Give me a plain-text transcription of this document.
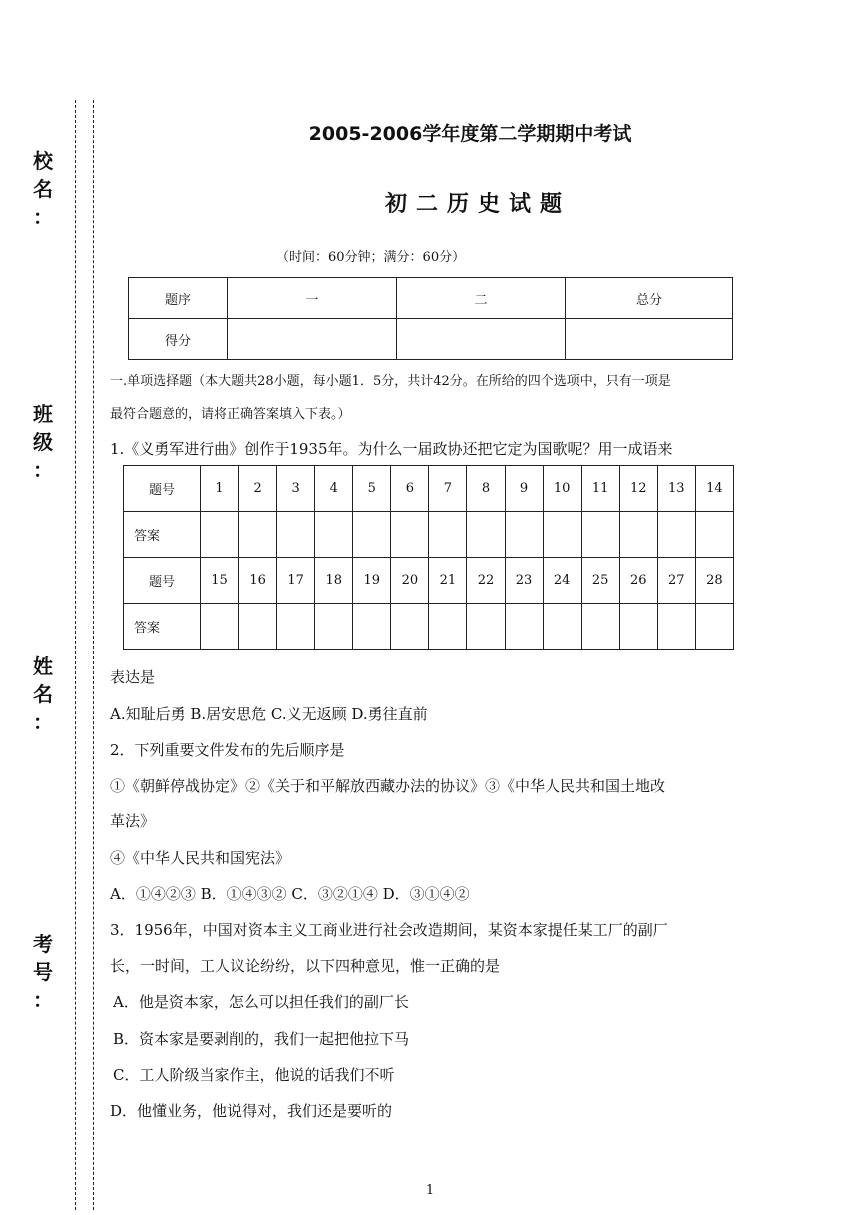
校
名
：
班
级
：
姓
名
：
考
号
：
2005-2006学年度第二学期期中考试
初二历史试题
（时间：60分钟；满分：60分）
题序	一	二	总分
得分			
一.单项选择题（本大题共28小题，每小题1．5分，共计42分。在所给的四个选项中，只有一项是
最符合题意的，请将正确答案填入下表。）
1.《义勇军进行曲》创作于1935年。为什么一届政协还把它定为国歌呢？用一成语来
题号	1	2	3	4	5	6	7	8	9	10	11	12	13	14
答案														
题号	15	16	17	18	19	20	21	22	23	24	25	26	27	28
答案														
表达是
A.知耻后勇 B.居安思危 C.义无返顾 D.勇往直前
2．下列重要文件发布的先后顺序是
①《朝鲜停战协定》②《关于和平解放西藏办法的协议》③《中华人民共和国土地改
革法》
④《中华人民共和国宪法》
A．①④②③ B．①④③② C．③②①④ D．③①④②
3．1956年，中国对资本主义工商业进行社会改造期间，某资本家提任某工厂的副厂
长，一时间，工人议论纷纷，以下四种意见，惟一正确的是
A．他是资本家，怎么可以担任我们的副厂长
B．资本家是要剥削的，我们一起把他拉下马
C．工人阶级当家作主，他说的话我们不听
D．他懂业务，他说得对，我们还是要听的
1
